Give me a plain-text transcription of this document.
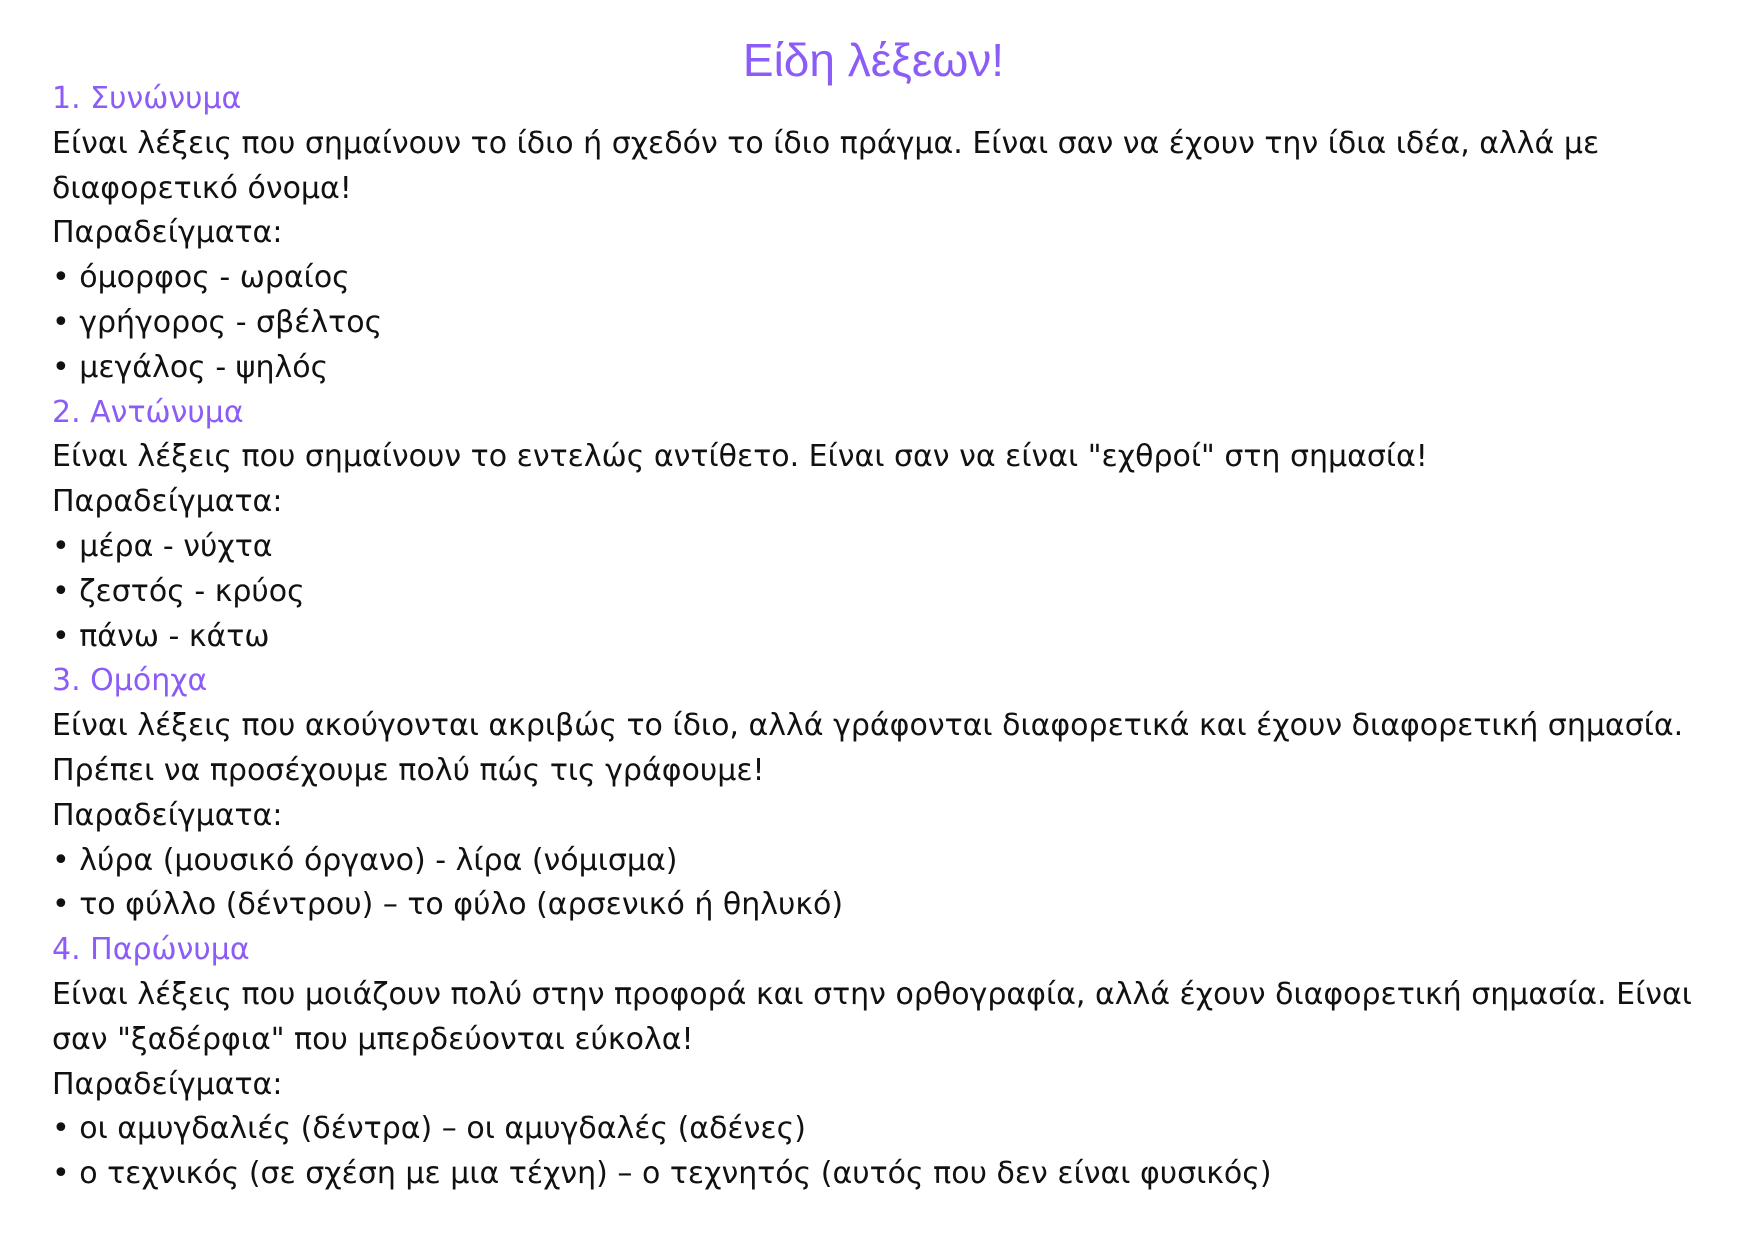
Είδη λέξεων!
1. Συνώνυμα
Είναι λέξεις που σημαίνουν το ίδιο ή σχεδόν το ίδιο πράγμα. Είναι σαν να έχουν την ίδια ιδέα, αλλά με διαφορετικό όνομα!
Παραδείγματα:
• όμορφος - ωραίος
• γρήγορος - σβέλτος
• μεγάλος - ψηλός
2. Αντώνυμα
Είναι λέξεις που σημαίνουν το εντελώς αντίθετο. Είναι σαν να είναι "εχθροί" στη σημασία!
Παραδείγματα:
• μέρα - νύχτα
• ζεστός - κρύος
• πάνω - κάτω
3. Ομόηχα
Είναι λέξεις που ακούγονται ακριβώς το ίδιο, αλλά γράφονται διαφορετικά και έχουν διαφορετική σημασία. Πρέπει να προσέχουμε πολύ πώς τις γράφουμε!
Παραδείγματα:
• λύρα (μουσικό όργανο) - λίρα (νόμισμα)
• το φύλλο (δέντρου) – το φύλο (αρσενικό ή θηλυκό)
4. Παρώνυμα
Είναι λέξεις που μοιάζουν πολύ στην προφορά και στην ορθογραφία, αλλά έχουν διαφορετική σημασία. Είναι σαν "ξαδέρφια" που μπερδεύονται εύκολα!
Παραδείγματα:
• οι αμυγδαλιές (δέντρα) – οι αμυγδαλές (αδένες)
• ο τεχνικός (σε σχέση με μια τέχνη) – ο τεχνητός (αυτός που δεν είναι φυσικός)
